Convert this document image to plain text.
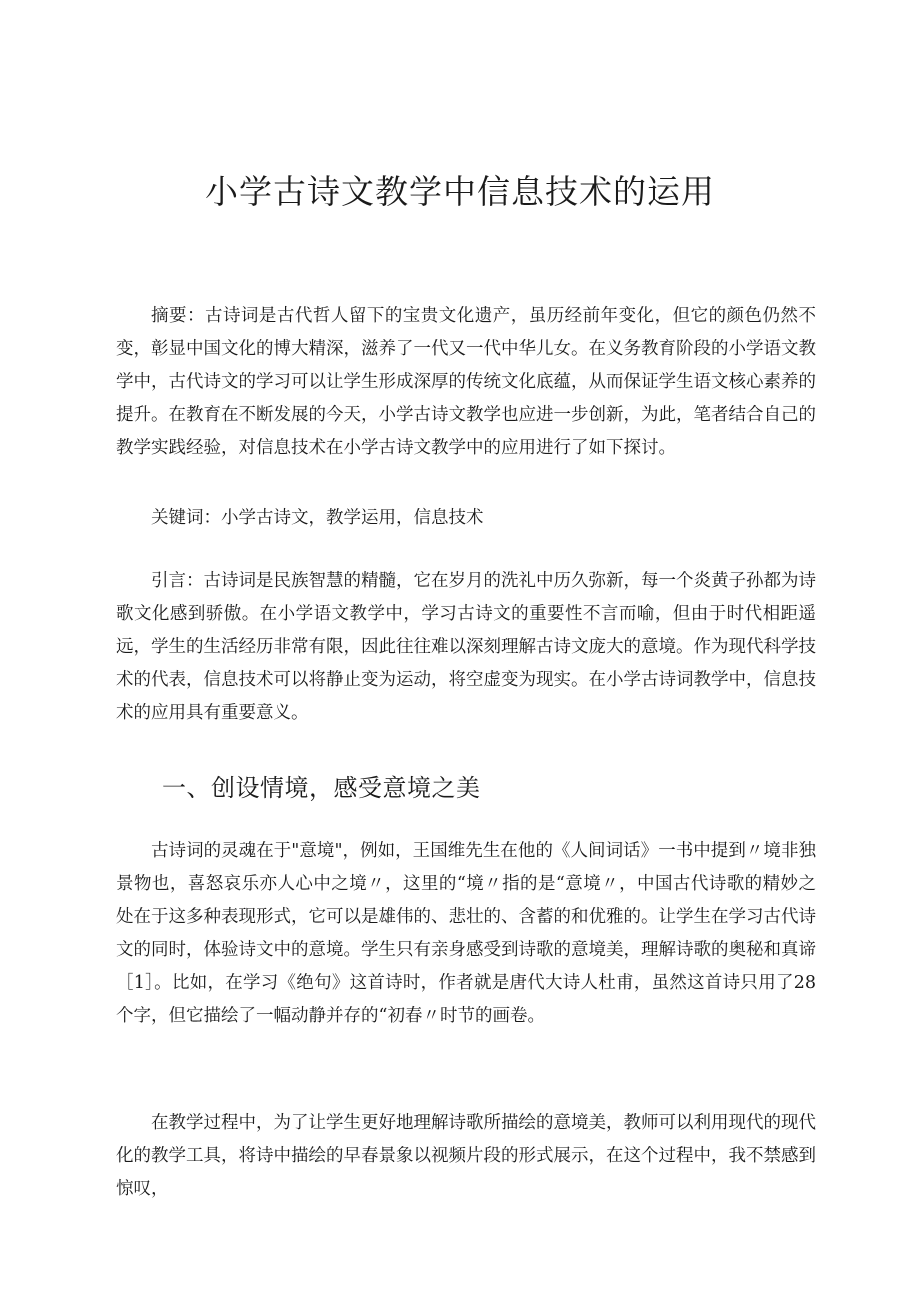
小学古诗文教学中信息技术的运用

摘要：古诗词是古代哲人留下的宝贵文化遗产，虽历经前年变化，但它的颜色仍然不变，彰显中国文化的博大精深，滋养了一代又一代中华儿女。在义务教育阶段的小学语文教学中，古代诗文的学习可以让学生形成深厚的传统文化底蕴，从而保证学生语文核心素养的提升。在教育在不断发展的今天，小学古诗文教学也应进一步创新，为此，笔者结合自己的教学实践经验，对信息技术在小学古诗文教学中的应用进行了如下探讨。

关键词：小学古诗文，教学运用，信息技术

引言：古诗词是民族智慧的精髓，它在岁月的洗礼中历久弥新，每一个炎黄子孙都为诗歌文化感到骄傲。在小学语文教学中，学习古诗文的重要性不言而喻，但由于时代相距遥远，学生的生活经历非常有限，因此往往难以深刻理解古诗文庞大的意境。作为现代科学技术的代表，信息技术可以将静止变为运动，将空虚变为现实。在小学古诗词教学中，信息技术的应用具有重要意义。

一、创设情境，感受意境之美

古诗词的灵魂在于"意境"，例如，王国维先生在他的《人间词话》一书中提到〃境非独景物也，喜怒哀乐亦人心中之境〃，这里的“境〃指的是“意境〃，中国古代诗歌的精妙之处在于这多种表现形式，它可以是雄伟的、悲壮的、含蓄的和优雅的。让学生在学习古代诗文的同时，体验诗文中的意境。学生只有亲身感受到诗歌的意境美，理解诗歌的奥秘和真谛［1］。比如，在学习《绝句》这首诗时，作者就是唐代大诗人杜甫，虽然这首诗只用了28个字，但它描绘了一幅动静并存的“初春〃时节的画卷。

在教学过程中，为了让学生更好地理解诗歌所描绘的意境美，教师可以利用现代的现代化的教学工具，将诗中描绘的早春景象以视频片段的形式展示，在这个过程中，我不禁感到惊叹，
